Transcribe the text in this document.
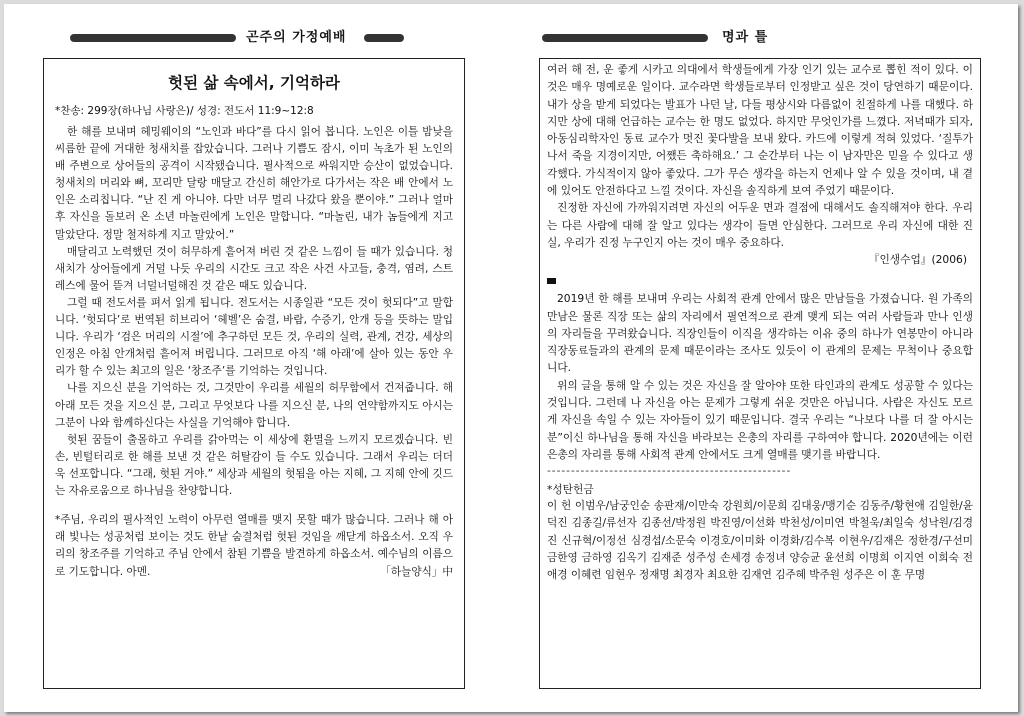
곤주의 가정예배	명과 틀
헛된 삶 속에서, 기억하라
*찬송: 299장(하나님 사랑은)/ 성경: 전도서 11:9~12:8

한 해를 보내며 헤밍웨이의 “노인과 바다”를 다시 읽어 봅니다. 노인은 이틀 밤낮을 씨름한 끝에 거대한 청새치를 잡았습니다. 그러나 기쁨도 잠시, 이미 녹초가 된 노인의 배 주변으로 상어들의 공격이 시작됐습니다. 필사적으로 싸워지만 승산이 없었습니다. 청새치의 머리와 뼈, 꼬리만 달랑 매달고 간신히 해안가로 다가서는 작은 배 안에서 노인은 소리칩니다. “난 진 게 아니야. 다만 너무 멀리 나갔다 왔을 뿐이야.” 그러나 얼마 후 자신을 돌보러 온 소년 마놀린에게 노인은 말합니다. “마놀린, 내가 놈들에게 지고 말았단다. 정말 철저하게 지고 말았어.”

매달리고 노력했던 것이 허무하게 흩어져 버린 것 같은 느낌이 들 때가 있습니다. 청새치가 상어들에게 거덜 나듯 우리의 시간도 크고 작은 사건 사고들, 충격, 염려, 스트레스에 물어 뜯겨 너덜너덜해진 것 같은 때도 있습니다.

그럴 때 전도서를 펴서 읽게 됩니다. 전도서는 시종일관 “모든 것이 헛되다”고 말합니다. ‘헛되다’로 번역된 히브리어 ‘헤벨’은 숨결, 바람, 수증기, 안개 등을 뜻하는 말입니다. 우리가 ‘검은 머리의 시절’에 추구하던 모든 것, 우리의 실력, 관계, 건강, 세상의 인정은 아침 안개처럼 흩어져 버립니다. 그러므로 아직 ‘해 아래’에 살아 있는 동안 우리가 할 수 있는 최고의 일은 ‘창조주’를 기억하는 것입니다.

나를 지으신 분을 기억하는 것, 그것만이 우리를 세월의 허무함에서 건져줍니다. 해 아래 모든 것을 지으신 분, 그리고 무엇보다 나를 지으신 분, 나의 연약함까지도 아시는 그분이 나와 함께하신다는 사실을 기억해야 합니다.

헛된 꿈들이 출몰하고 우리를 갉아먹는 이 세상에 환멸을 느끼지 모르겠습니다. 빈손, 빈털터리로 한 해를 보낸 것 같은 허탈감이 들 수도 있습니다. 그래서 우리는 더더욱 선포합니다. “그래, 헛된 거야.” 세상과 세월의 헛됨을 아는 지혜, 그 지혜 안에 깃드는 자유로움으로 하나님을 찬양합니다.

*주님, 우리의 필사적인 노력이 아무런 열매를 맺지 못할 때가 많습니다. 그러나 해 아래 빛나는 성공처럼 보이는 것도 한낱 숨결처럼 헛된 것임을 깨닫게 하옵소서. 오직 우리의 창조주를 기억하고 주님 안에서 참된 기쁨을 발견하게 하옵소서. 예수님의 이름으로 기도합니다. 아멘.	「하늘양식」中

여러 해 전, 운 좋게 시카고 의대에서 학생들에게 가장 인기 있는 교수로 뽑힌 적이 있다. 이것은 매우 명예로운 일이다. 교수라면 학생들로부터 인정받고 싶은 것이 당연하기 때문이다. 내가 상을 받게 되었다는 발표가 나던 날, 다들 평상시와 다름없이 친절하게 나를 대했다. 하지만 상에 대해 언급하는 교수는 한 명도 없었다. 하지만 무엇인가를 느꼈다. 저녁때가 되자, 아동심리학자인 동료 교수가 멋진 꽃다발을 보내 왔다. 카드에 이렇게 적혀 있었다. ‘질투가 나서 죽을 지경이지만, 어쨌든 축하해요.’ 그 순간부터 나는 이 남자만은 믿을 수 있다고 생각했다. 가식적이지 않아 좋았다. 그가 무슨 생각을 하는지 언제나 알 수 있을 것이며, 내 곁에 있어도 안전하다고 느낄 것이다. 자신을 솔직하게 보여 주었기 때문이다.

진정한 자신에 가까워지려면 자신의 어두운 면과 결점에 대해서도 솔직해져야 한다. 우리는 다른 사람에 대해 잘 알고 있다는 생각이 들면 안심한다. 그러므로 우리 자신에 대한 진실, 우리가 진정 누구인지 아는 것이 매우 중요하다.

『인생수업』(2006)

2019년 한 해를 보내며 우리는 사회적 관계 안에서 많은 만남들을 가졌습니다. 원 가족의 만남은 물론 직장 또는 삶의 자리에서 필연적으로 관계 맺게 되는 여러 사람들과 만나 인생의 자리들을 꾸려왔습니다. 직장인들이 이직을 생각하는 이유 중의 하나가 연봉만이 아니라 직장동료들과의 관계의 문제 때문이라는 조사도 있듯이 이 관계의 문제는 무척이나 중요합니다.

위의 글을 통해 알 수 있는 것은 자신을 잘 알아야 또한 타인과의 관계도 성공할 수 있다는 것입니다. 그런데 나 자신을 아는 문제가 그렇게 쉬운 것만은 아닙니다. 사람은 자신도 모르게 자신을 속일 수 있는 자아들이 있기 때문입니다. 결국 우리는 “나보다 나를 더 잘 아시는 분”이신 하나님을 통해 자신을 바라보는 은총의 자리를 구하여야 합니다. 2020년에는 이런 은총의 자리를 통해 사회적 관계 안에서도 크게 열매를 맺기를 바랍니다.

---------------------------------------------------

*성탄헌금

이 헌 이범우/남궁인순 송판재/이만숙 강원희/이문희 김대웅/맹기순 김동주/황현애 김일한/윤덕진 김종길/류선자 김종선/박정원 박진영/이선화 박천성/이미연 박철욱/최일숙 성낙원/김경진 신규혁/이정선 심경섭/소문숙 이경호/이미화 이경화/김수복 이현우/김재은 정한경/구선미 금한영 금하영 김옥기 김재준 성주성 손세경 송정녀 양승균 윤선희 이명희 이지연 이희숙 전애경 이혜련 임현우 정재명 최경자 최요한 김재연 김주혜 박주원 성주은 이 훈 무명
